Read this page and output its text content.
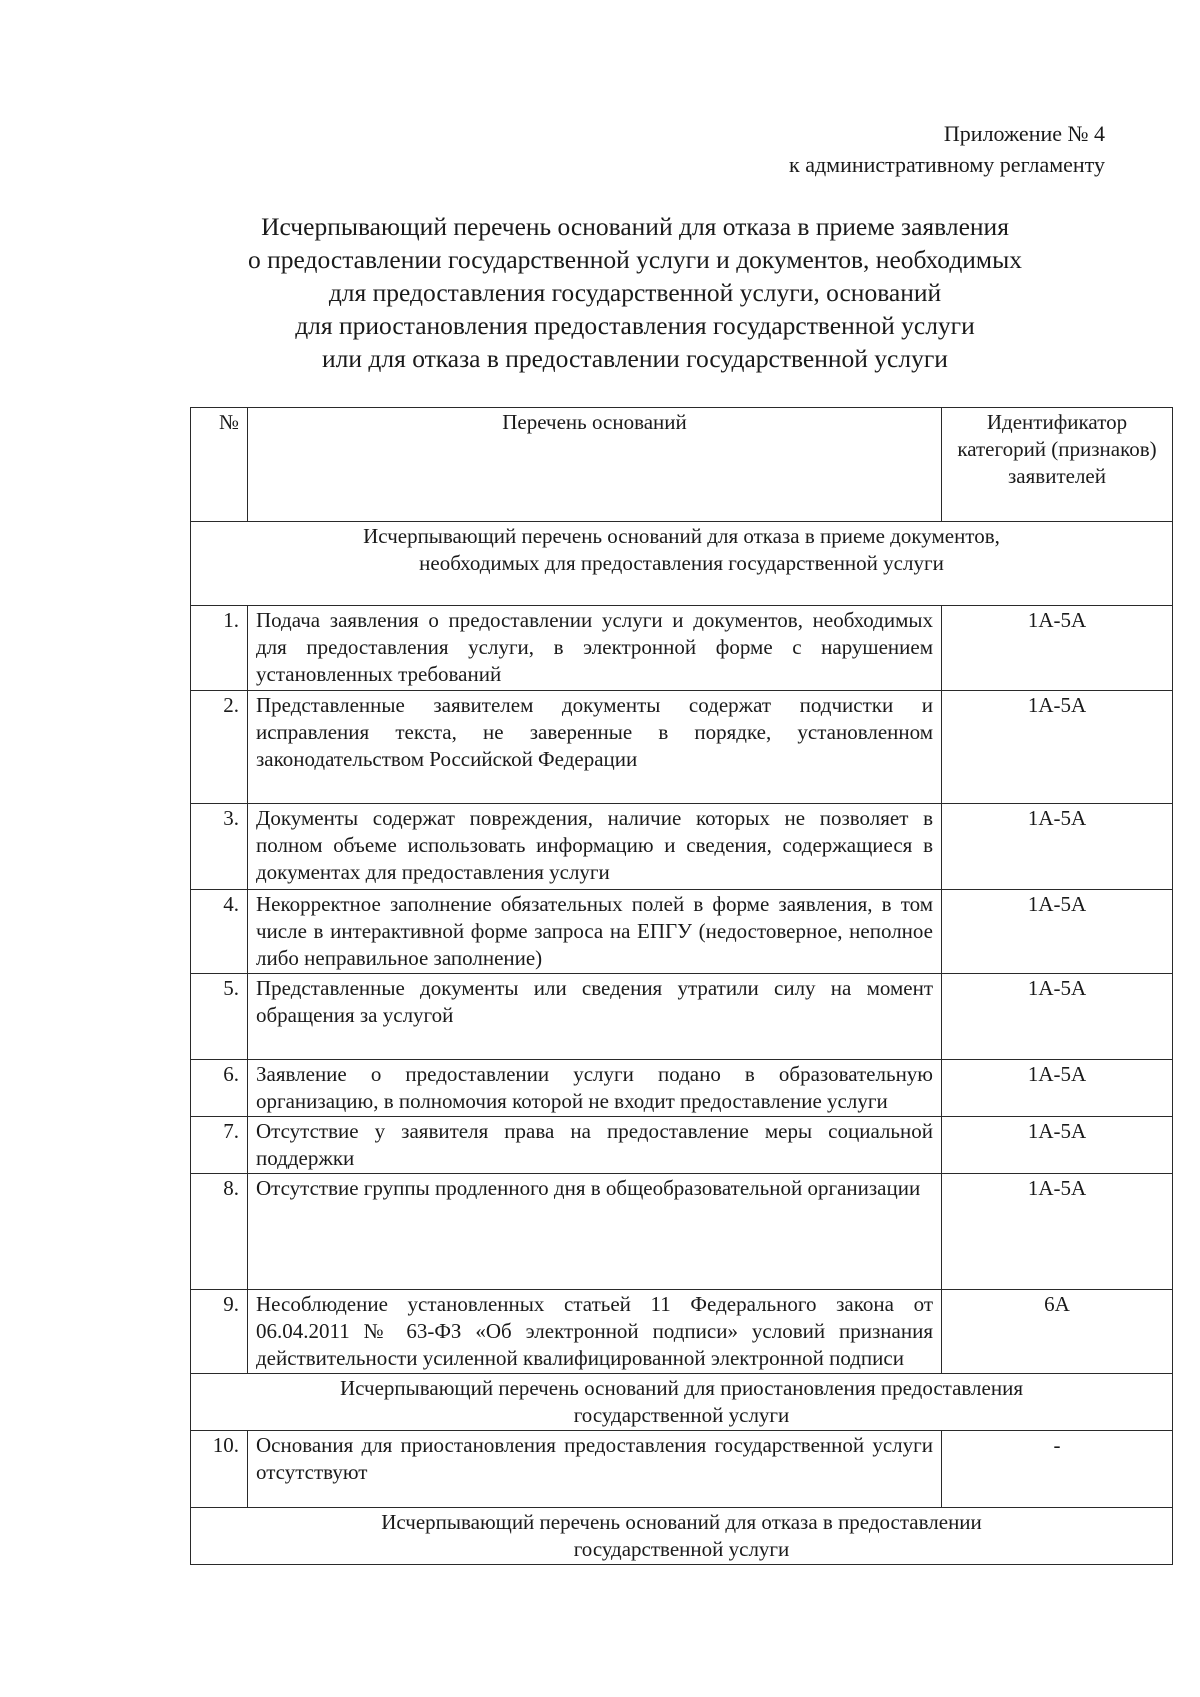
Приложение № 4
к административному регламенту
Исчерпывающий перечень оснований для отказа в приеме заявления
о предоставлении государственной услуги и документов, необходимых
для предоставления государственной услуги, оснований
для приостановления предоставления государственной услуги
или для отказа в предоставлении государственной услуги
№	Перечень оснований	Идентификатор категорий (признаков) заявителей

Исчерпывающий перечень оснований для отказа в приеме документов,
необходимых для предоставления государственной услуги		

1.	Подача заявления о предоставлении услуги и документов, необходимых для предоставления услуги, в электронной форме с нарушением установленных требований	1А-5А
2.	Представленные заявителем документы содержат подчистки и исправления текста, не заверенные в порядке, установленном законодательством Российской Федерации	1А-5А
3.	Документы содержат повреждения, наличие которых не позволяет в полном объеме использовать информацию и сведения, содержащиеся в документах для предоставления услуги	1А-5А
4.	Некорректное заполнение обязательных полей в форме заявления, в том числе в интерактивной форме запроса на ЕПГУ (недостоверное, неполное либо неправильное заполнение)	1А-5А
5.	Представленные документы или сведения утратили силу на момент обращения за услугой	1А-5А
6.	Заявление о предоставлении услуги подано в образовательную организацию, в полномочия которой не входит предоставление услуги	1А-5А
7.	Отсутствие у заявителя права на предоставление меры социальной поддержки	1А-5А
8.	Отсутствие группы продленного дня в общеобразовательной организации	1А-5А
9.	Несоблюдение установленных статьей 11 Федерального закона от 06.04.2011 № 63-ФЗ «Об электронной подписи» условий признания действительности усиленной квалифицированной электронной подписи	6А

Исчерпывающий перечень оснований для приостановления предоставления
государственной услуги		

10.	Основания для приостановления предоставления государственной услуги отсутствуют	-

Исчерпывающий перечень оснований для отказа в предоставлении
государственной услуги		
